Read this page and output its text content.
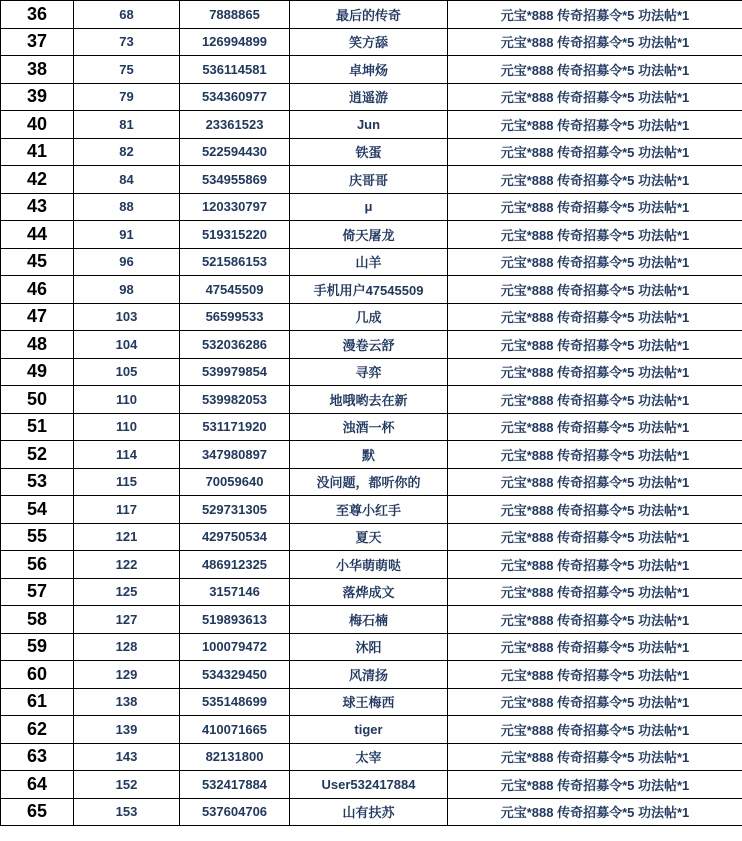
36	68	7888865	最后的传奇	元宝*888 传奇招募令*5 功法帖*1
37	73	126994899	笑方舔	元宝*888 传奇招募令*5 功法帖*1
38	75	536114581	卓坤炀	元宝*888 传奇招募令*5 功法帖*1
39	79	534360977	逍遥游	元宝*888 传奇招募令*5 功法帖*1
40	81	23361523	Jun	元宝*888 传奇招募令*5 功法帖*1
41	82	522594430	铁蛋	元宝*888 传奇招募令*5 功法帖*1
42	84	534955869	庆哥哥	元宝*888 传奇招募令*5 功法帖*1
43	88	120330797	μ	元宝*888 传奇招募令*5 功法帖*1
44	91	519315220	倚天屠龙	元宝*888 传奇招募令*5 功法帖*1
45	96	521586153	山羊	元宝*888 传奇招募令*5 功法帖*1
46	98	47545509	手机用户47545509	元宝*888 传奇招募令*5 功法帖*1
47	103	56599533	几成	元宝*888 传奇招募令*5 功法帖*1
48	104	532036286	漫卷云舒	元宝*888 传奇招募令*5 功法帖*1
49	105	539979854	寻弈	元宝*888 传奇招募令*5 功法帖*1
50	110	539982053	地哦哟去在新	元宝*888 传奇招募令*5 功法帖*1
51	110	531171920	浊酒一杯	元宝*888 传奇招募令*5 功法帖*1
52	114	347980897	默	元宝*888 传奇招募令*5 功法帖*1
53	115	70059640	没问题，都听你的	元宝*888 传奇招募令*5 功法帖*1
54	117	529731305	至尊小红手	元宝*888 传奇招募令*5 功法帖*1
55	121	429750534	夏天	元宝*888 传奇招募令*5 功法帖*1
56	122	486912325	小华萌萌哒	元宝*888 传奇招募令*5 功法帖*1
57	125	3157146	落烨成文	元宝*888 传奇招募令*5 功法帖*1
58	127	519893613	梅石楠	元宝*888 传奇招募令*5 功法帖*1
59	128	100079472	沐阳	元宝*888 传奇招募令*5 功法帖*1
60	129	534329450	风清扬	元宝*888 传奇招募令*5 功法帖*1
61	138	535148699	球王梅西	元宝*888 传奇招募令*5 功法帖*1
62	139	410071665	tiger	元宝*888 传奇招募令*5 功法帖*1
63	143	82131800	太宰	元宝*888 传奇招募令*5 功法帖*1
64	152	532417884	User532417884	元宝*888 传奇招募令*5 功法帖*1
65	153	537604706	山有扶苏	元宝*888 传奇招募令*5 功法帖*1
